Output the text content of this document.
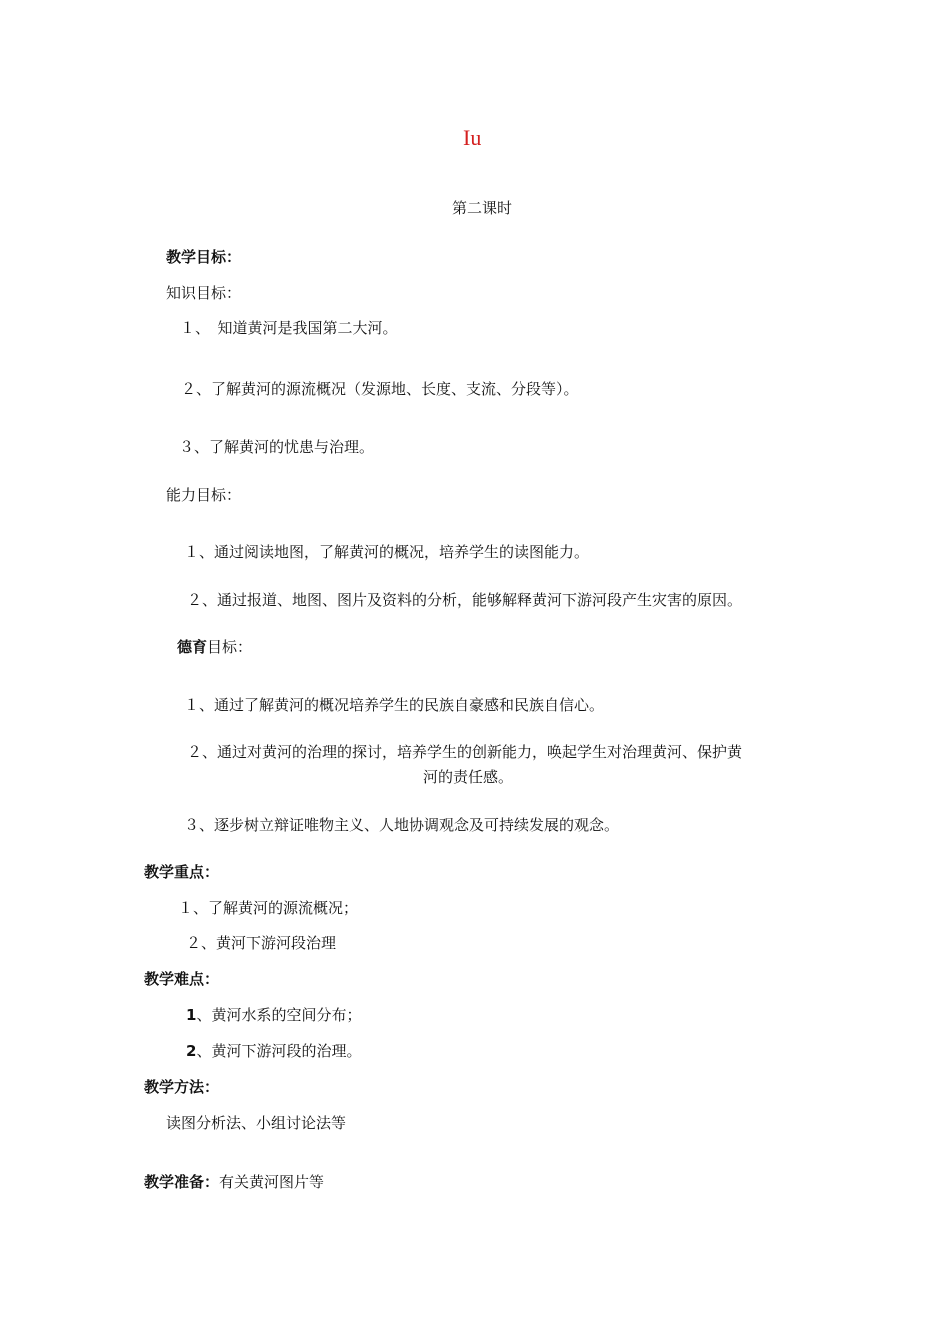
Iu
第二课时
教学目标：
知识目标：
１、　知道黄河是我国第二大河。
２、了解黄河的源流概况（发源地、长度、支流、分段等）。
３、了解黄河的忧患与治理。
能力目标：
１、通过阅读地图，了解黄河的概况，培养学生的读图能力。
２、通过报道、地图、图片及资料的分析，能够解释黄河下游河段产生灾害的原因。
德育目标：
１、通过了解黄河的概况培养学生的民族自豪感和民族自信心。
２、通过对黄河的治理的探讨，培养学生的创新能力，唤起学生对治理黄河、保护黄
河的责任感。
３、逐步树立辩证唯物主义、人地协调观念及可持续发展的观念。
教学重点：
１、了解黄河的源流概况；
２、黄河下游河段治理
教学难点：
1、黄河水系的空间分布；
2、黄河下游河段的治理。
教学方法：
读图分析法、小组讨论法等
教学准备：有关黄河图片等
